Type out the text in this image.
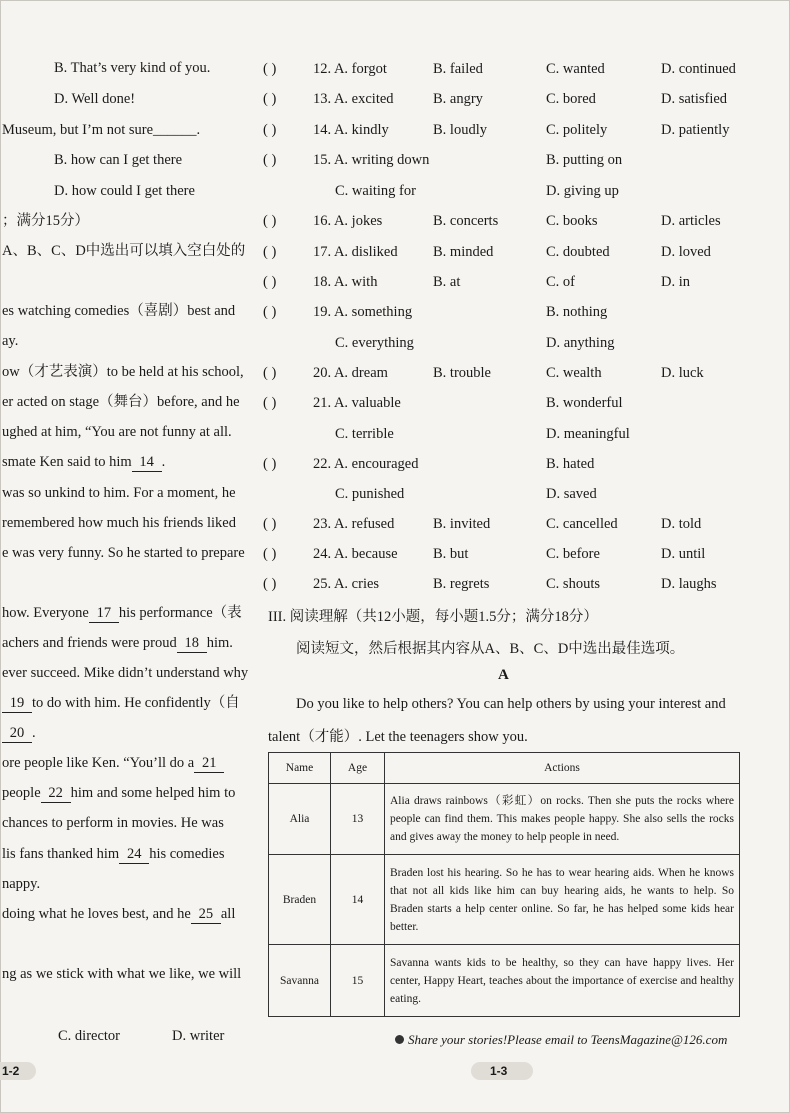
B. That’s very kind of you.
D. Well done!
Museum, but I’m not sure______.
B. how can I get there
D. how could I get there
；满分15分）
A、B、C、D中选出可以填入空白处的
es watching comedies（喜剧）best and
ay.
ow（才艺表演）to be held at his school,
er acted on stage（舞台）before, and he
ughed at him, “You are not funny at all.
smate Ken said to him 14 .
was so unkind to him. For a moment, he
remembered how much his friends liked
e was very funny. So he started to prepare
how. Everyone 17 his performance（表
achers and friends were proud 18 him.
ever succeed. Mike didn’t understand why
19 to do with him. He confidently（自
20 .
ore people like Ken. “You’ll do a 21
people 22 him and some helped him to
chances to perform in movies. He was
lis fans thanked him 24 his comedies
nappy.
doing what he loves best, and he 25 all
ng as we stick with what we like, we will
C. director	D. writer
( )	12. A. forgot	B. failed	C. wanted	D. continued
( )	13. A. excited	B. angry	C. bored	D. satisfied
( )	14. A. kindly	B. loudly	C. politely	D. patiently
( )	15. A. writing down	B. putting on
C. waiting for	D. giving up
( )	16. A. jokes	B. concerts	C. books	D. articles
( )	17. A. disliked B. minded	C. doubted	D. loved
( )	18. A. with	B. at	C. of	D. in
( )	19. A. something	B. nothing
C. everything	D. anything
( )	20. A. dream	B. trouble	C. wealth	D. luck
( )	21. A. valuable	B. wonderful
C. terrible	D. meaningful
( )	22. A. encouraged	B. hated
C. punished	D. saved
( )	23. A. refused	B. invited	C. cancelled	D. told
( )	24. A. because B. but	C. before	D. until
( )	25. A. cries	B. regrets	C. shouts	D. laughs
III. 阅读理解（共12小题，每小题1.5分；满分18分）
阅读短文，然后根据其内容从A、B、C、D中选出最佳选项。
A
Do you like to help others? You can help others by using your interest and
talent（才能）. Let the teenagers show you.
Name	Age	Actions
Alia	13	Alia draws rainbows（彩虹）on rocks. Then she puts the rocks where people can find them. This makes people happy. She also sells the rocks and gives away the money to help people in need.
Braden	14	Braden lost his hearing. So he has to wear hearing aids. When he knows that not all kids like him can buy hearing aids, he wants to help. So Braden starts a help center online. So far, he has helped some kids hear better.
Savanna	15	Savanna wants kids to be healthy, so they can have happy lives. Her center, Happy Heart, teaches about the importance of exercise and healthy eating.
Share your stories!Please email to TeensMagazine@126.com
1-2	1-3
